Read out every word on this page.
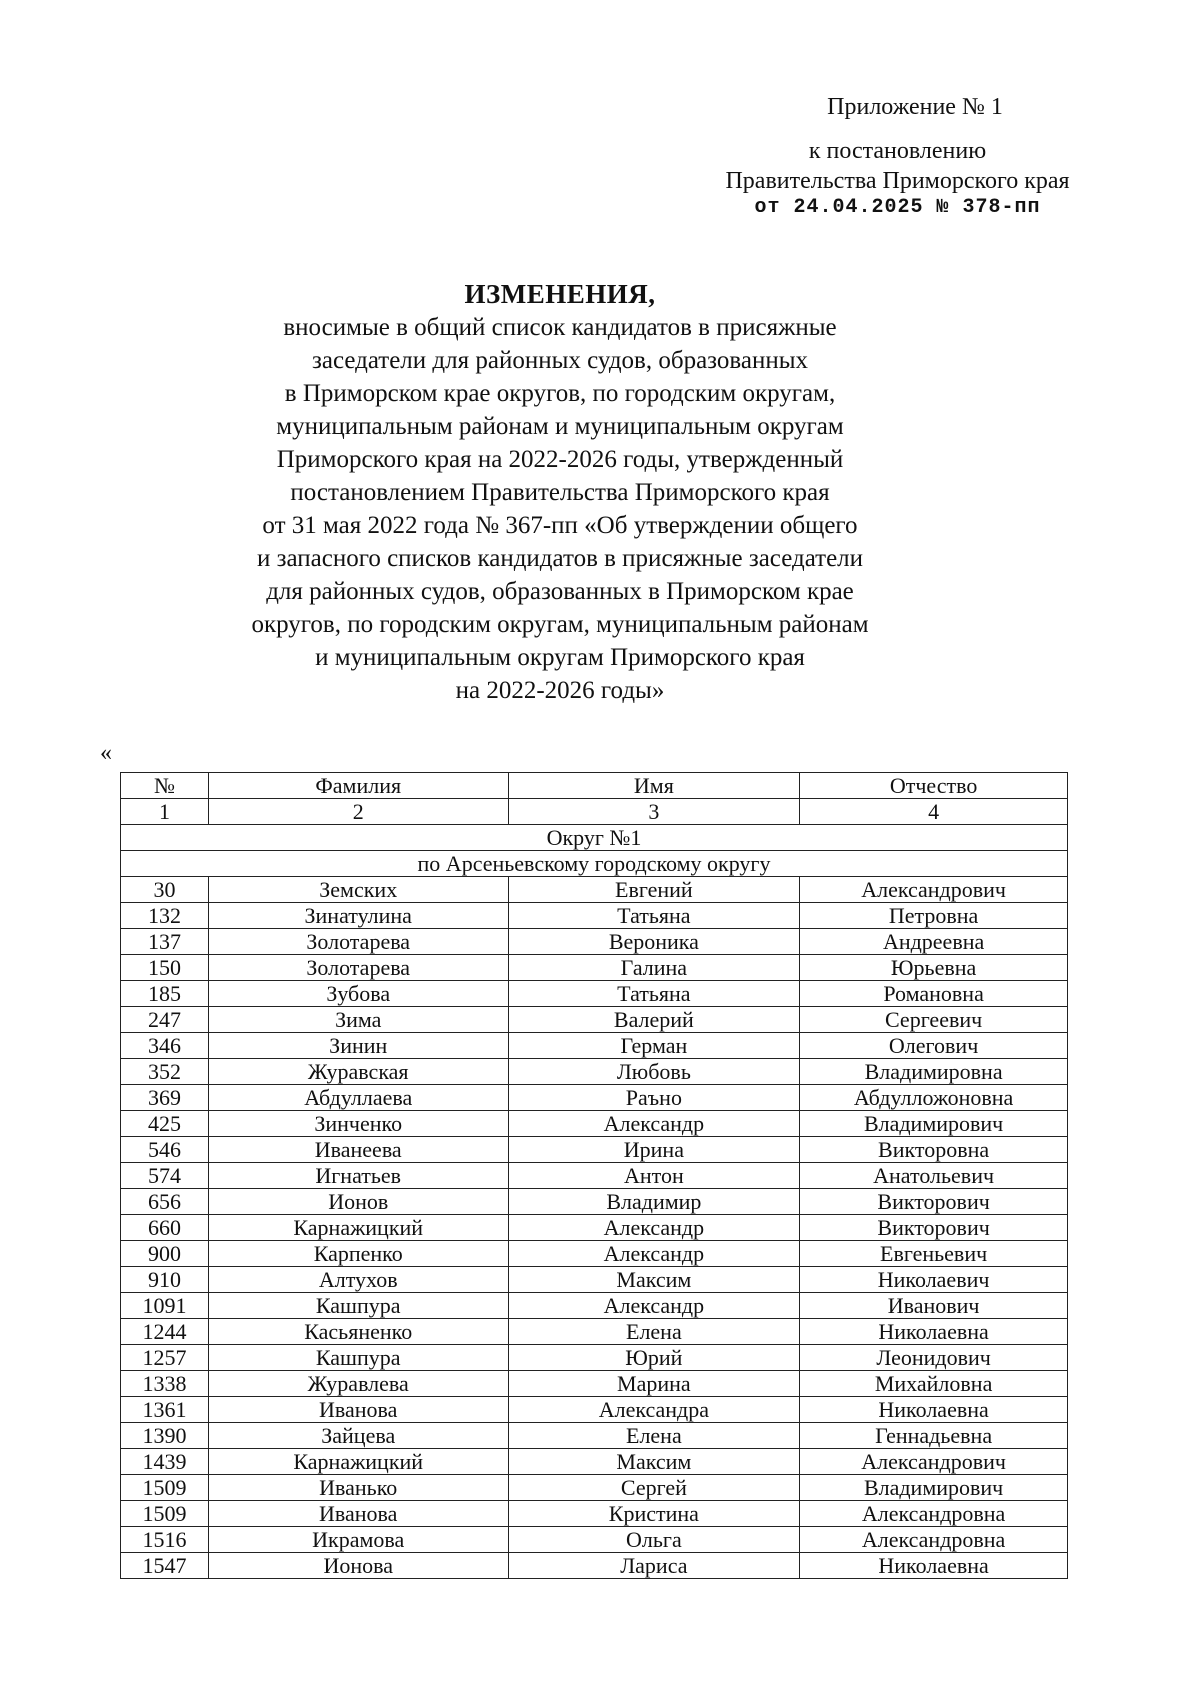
Приложение № 1
к постановлению
Правительства Приморского края
от 24.04.2025 № 378-пп
ИЗМЕНЕНИЯ,
вносимые в общий список кандидатов в присяжные
заседатели для районных судов, образованных
в Приморском крае округов, по городским округам,
муниципальным районам и муниципальным округам
Приморского края на 2022-2026 годы, утвержденный
постановлением Правительства Приморского края
от 31 мая 2022 года № 367-пп «Об утверждении общего
и запасного списков кандидатов в присяжные заседатели
для районных судов, образованных в Приморском крае
округов, по городским округам, муниципальным районам
и муниципальным округам Приморского края
на 2022-2026 годы»
«
№	Фамилия	Имя	Отчество
1	2	3	4
Округ №1			
по Арсеньевскому городскому округу			
30	Земских	Евгений	Александрович
132	Зинатулина	Татьяна	Петровна
137	Золотарева	Вероника	Андреевна
150	Золотарева	Галина	Юрьевна
185	Зубова	Татьяна	Романовна
247	Зима	Валерий	Сергеевич
346	Зинин	Герман	Олегович
352	Журавская	Любовь	Владимировна
369	Абдуллаева	Раъно	Абдулложоновна
425	Зинченко	Александр	Владимирович
546	Иванеева	Ирина	Викторовна
574	Игнатьев	Антон	Анатольевич
656	Ионов	Владимир	Викторович
660	Карнажицкий	Александр	Викторович
900	Карпенко	Александр	Евгеньевич
910	Алтухов	Максим	Николаевич
1091	Кашпура	Александр	Иванович
1244	Касьяненко	Елена	Николаевна
1257	Кашпура	Юрий	Леонидович
1338	Журавлева	Марина	Михайловна
1361	Иванова	Александра	Николаевна
1390	Зайцева	Елена	Геннадьевна
1439	Карнажицкий	Максим	Александрович
1509	Иванько	Сергей	Владимирович
1509	Иванова	Кристина	Александровна
1516	Икрамова	Ольга	Александровна
1547	Ионова	Лариса	Николаевна
